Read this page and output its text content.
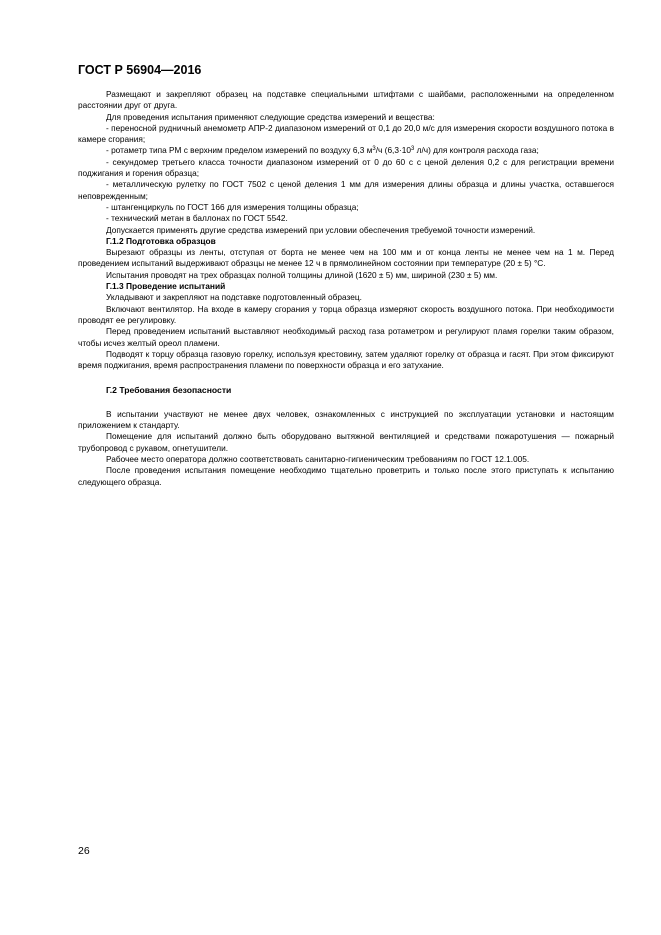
ГОСТ Р 56904—2016

Размещают и закрепляют образец на подставке специальными штифтами с шайбами, расположенными на определенном расстоянии друг от друга.

Для проведения испытания применяют следующие средства измерений и вещества:

- переносной рудничный анемометр АПР-2 диапазоном измерений от 0,1 до 20,0 м/с для измерения скорости воздушного потока в камере сгорания;

- ротаметр типа РМ с верхним пределом измерений по воздуху 6,3 $м^3/ч$ ($6,3\cdot 10^3$ л/ч) для контроля расхода газа;

- секундомер третьего класса точности диапазоном измерений от 0 до 60 с с ценой деления 0,2 с для регистрации времени поджигания и горения образца;

- металлическую рулетку по ГОСТ 7502 с ценой деления 1 мм для измерения длины образца и длины участка, оставшегося неповрежденным;

- штангенциркуль по ГОСТ 166 для измерения толщины образца;

- технический метан в баллонах по ГОСТ 5542.

Допускается применять другие средства измерений при условии обеспечения требуемой точности измерений.

Г.1.2 Подготовка образцов

Вырезают образцы из ленты, отступая от борта не менее чем на 100 мм и от конца ленты не менее чем на 1 м. Перед проведением испытаний выдерживают образцы не менее 12 ч в прямолинейном состоянии при температуре (20 ± 5) °С.

Испытания проводят на трех образцах полной толщины длиной (1620 ± 5) мм, шириной (230 ± 5) мм.

Г.1.3 Проведение испытаний

Укладывают и закрепляют на подставке подготовленный образец.

Включают вентилятор. На входе в камеру сгорания у торца образца измеряют скорость воздушного потока. При необходимости проводят ее регулировку.

Перед проведением испытаний выставляют необходимый расход газа ротаметром и регулируют пламя горелки таким образом, чтобы исчез желтый ореол пламени.

Подводят к торцу образца газовую горелку, используя крестовину, затем удаляют горелку от образца и гасят. При этом фиксируют время поджигания, время распространения пламени по поверхности образца и его затухание.

Г.2 Требования безопасности

В испытании участвуют не менее двух человек, ознакомленных с инструкцией по эксплуатации установки и настоящим приложением к стандарту.

Помещение для испытаний должно быть оборудовано вытяжной вентиляцией и средствами пожаротушения — пожарный трубопровод с рукавом, огнетушители.

Рабочее место оператора должно соответствовать санитарно-гигиеническим требованиям по ГОСТ 12.1.005.

После проведения испытания помещение необходимо тщательно проветрить и только после этого приступать к испытанию следующего образца.

26
